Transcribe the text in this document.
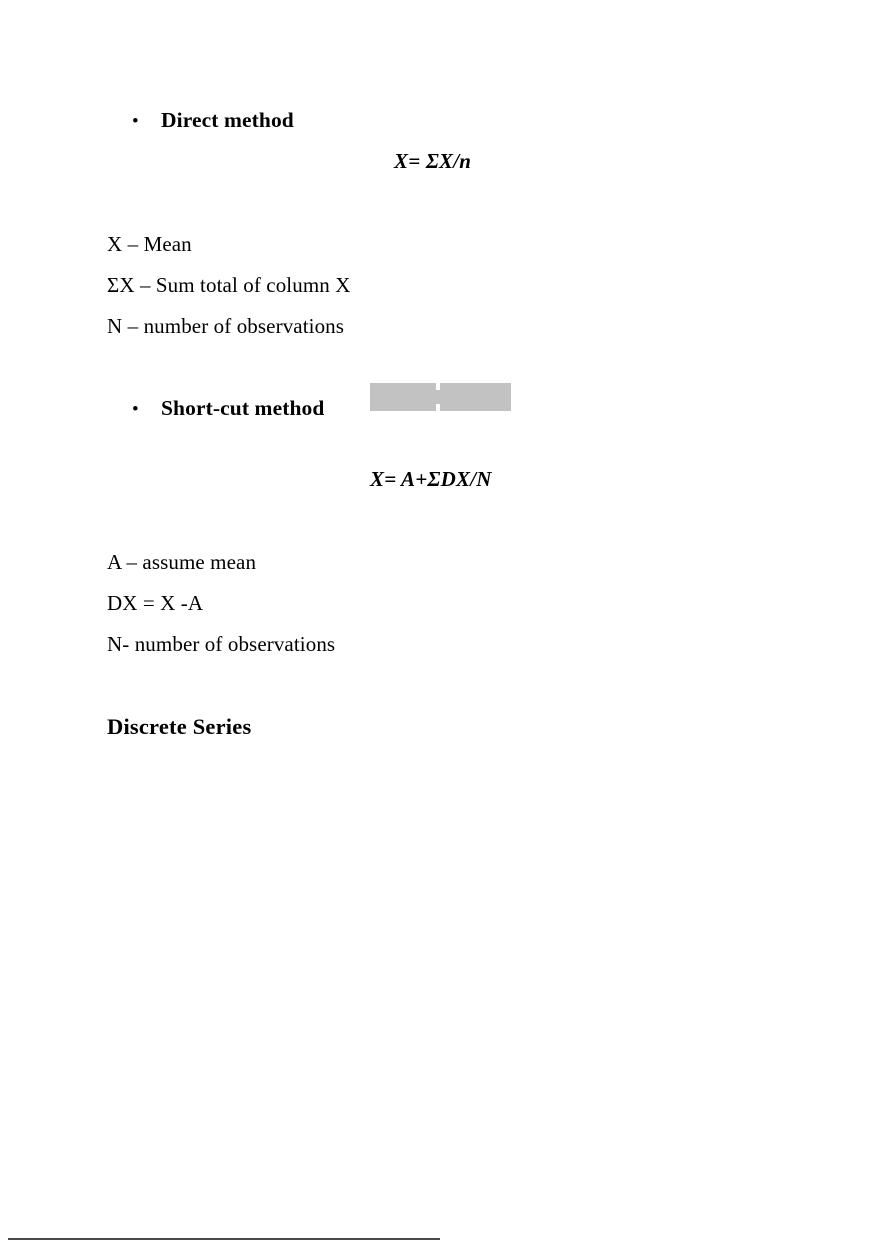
•	Direct method
X= ΣX/n
X – Mean
ΣX – Sum total of column X
N – number of observations
•	Short-cut method
X= A+ΣDX/N
A – assume mean
DX = X -A
N- number of observations
Discrete Series
